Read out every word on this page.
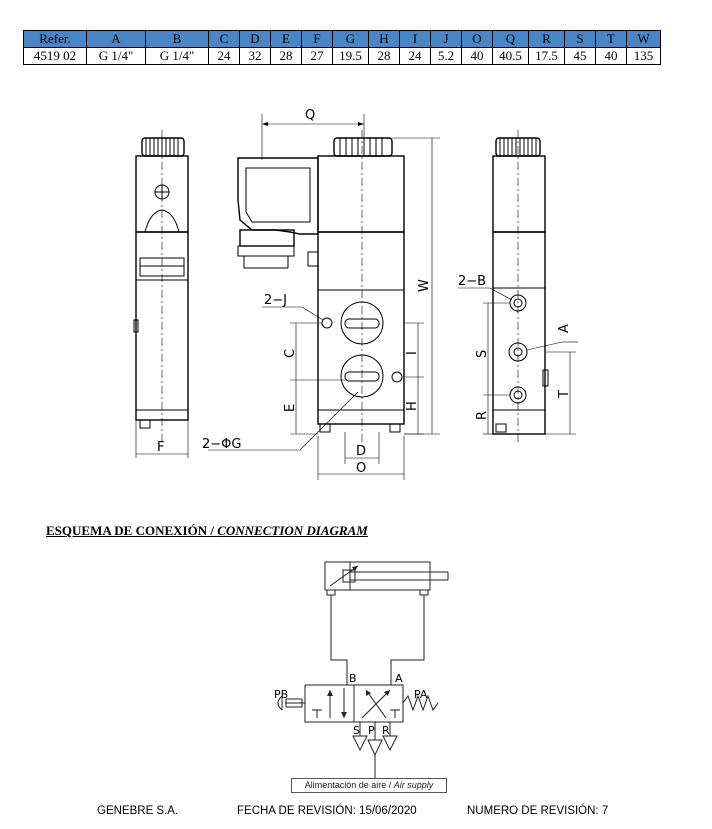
Refer.	A	B	C	D	E	F	G	H	I	J	O	Q	R	S	T	W
4519 02	G 1/4"	G 1/4"	24	32	28	27	19.5	28	24	5.2	40	40.5	17.5	45	40	135
F
Q
W
I
H
C
E
2−J
2−ΦG	D
O
2−B
A
S
R
T
ESQUEMA DE CONEXIÓN / CONNECTION DIAGRAM
PB	PA
B	A
S P R
Alimentación de aire / Air supply
GENEBRE S.A.	FECHA DE REVISIÓN: 15/06/2020	NUMERO DE REVISIÓN: 7
